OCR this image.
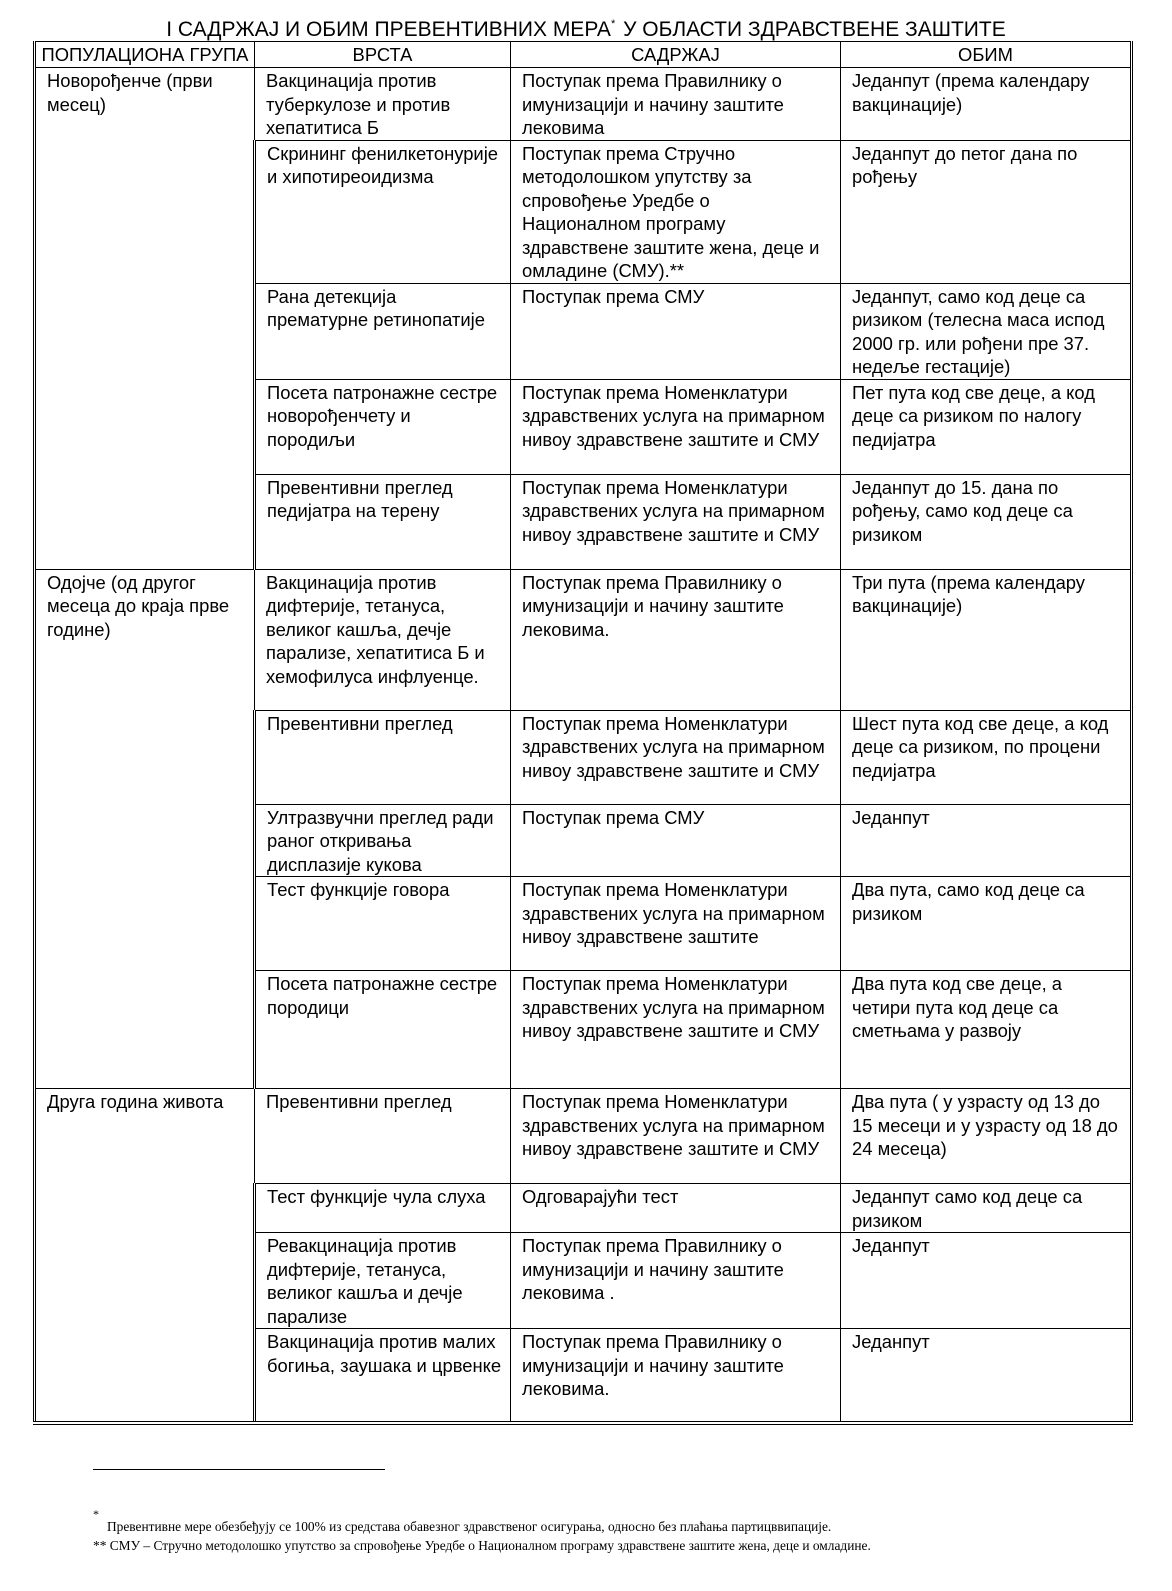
I САДРЖАЈ И ОБИМ ПРЕВЕНТИВНИХ МЕРА* У ОБЛАСТИ ЗДРАВСТВЕНЕ ЗАШТИТЕ
ПОПУЛАЦИОНА ГРУПА	ВРСТА	САДРЖАЈ	ОБИМ
Новорођенче (први месец)	Вакцинација против туберкулозе и против хепатитиса Б	Поступак према Правилнику о имунизацији и начину заштите лековима	Једанпут (према календару вакцинације)
	Скрининг фенилкетонурије и хипотиреоидизма	Поступак према Стручно методолошком упутству за спровођење Уредбе о Националном програму здравствене заштите жена, деце и омладине (СМУ).**	Једанпут до петог дана по рођењу
	Рана детекција прематурне ретинопатије	Поступак према СМУ	Једанпут, само код деце са ризиком (телесна маса испод 2000 гр. или рођени пре 37. недеље гестације)
	Посета патронажне сестре новорођенчету и породиљи	Поступак према Номенклатури здравствених услуга на примарном нивоу здравствене заштите и СМУ	Пет пута код све деце, а код деце са ризиком по налогу педијатра
	Превентивни преглед педијатра на терену	Поступак према Номенклатури здравствених услуга на примарном нивоу здравствене заштите и СМУ	Једанпут до 15. дана по рођењу, само код деце са ризиком
Одојче (од другог месеца до краја прве године)	Вакцинација против дифтерије, тетануса, великог кашља, дечје парализе, хепатитиса Б и хемофилуса инфлуенце.	Поступак према Правилнику о имунизацији и начину заштите лековима.	Три пута (према календару вакцинације)
	Превентивни преглед	Поступак према Номенклатури здравствених услуга на примарном нивоу здравствене заштите и СМУ	Шест пута код све деце, а код деце са ризиком, по процени педијатра
	Ултразвучни преглед ради раног откривања дисплазије кукова	Поступак према СМУ	Једанпут
	Тест функције говора	Поступак према Номенклатури здравствених услуга на примарном нивоу здравствене заштите	Два пута, само код деце са ризиком
	Посета патронажне сестре породици	Поступак према Номенклатури здравствених услуга на примарном нивоу здравствене заштите и СМУ	Два пута код све деце, а четири пута код деце са сметњама у развоју
Друга година живота	Превентивни преглед	Поступак према Номенклатури здравствених услуга на примарном нивоу здравствене заштите и СМУ	Два пута ( у узрасту од 13 до 15 месеци и у узрасту од 18 до 24 месеца)
	Тест функције чула слуха	Одговарајући тест	Једанпут само код деце са ризиком
	Ревакцинација против дифтерије, тетануса, великог кашља и дечје парализе	Поступак према Правилнику о имунизацији и начину заштите лековима .	Једанпут
	Вакцинација против малих богиња, заушака и црвенке	Поступак према Правилнику о имунизацији и начину заштите лековима.	Једанпут
*
Превентивне мере обезбеђују се 100% из средстава обавезног здравственог осигурања, односно без плаћања партицввипације.
** СМУ – Стручно методолошко упутство за спровођење Уредбе о Националном програму здравствене заштите жена, деце и омладине.
